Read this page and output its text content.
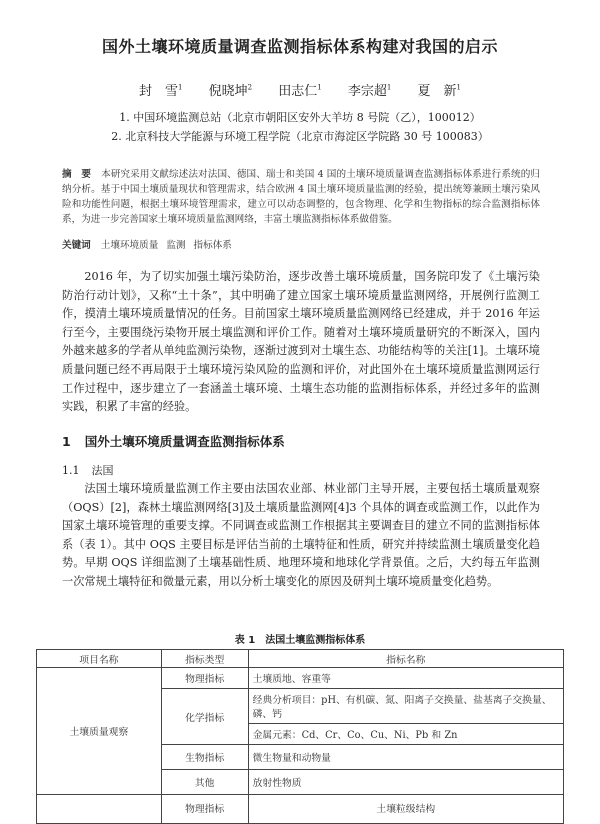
国外土壤环境质量调查监测指标体系构建对我国的启示
封　雪$^1$ 倪晓坤$^2$ 田志仁$^1$ 李宗超$^1$ 夏　新$^1$
1. 中国环境监测总站（北京市朝阳区安外大羊坊 8 号院（乙），100012）
2. 北京科技大学能源与环境工程学院（北京市海淀区学院路 30 号 100083）
摘　要 本研究采用文献综述法对法国、德国、瑞士和美国 4 国的土壤环境质量调查监测指标体系进行系统的归纳分析。基于中国土壤质量现状和管理需求，结合欧洲 4 国土壤环境质量监测的经验，提出统筹兼顾土壤污染风险和功能性问题，根据土壤环境管理需求，建立可以动态调整的，包含物理、化学和生物指标的综合监测指标体系，为进一步完善国家土壤环境质量监测网络，丰富土壤监测指标体系做借鉴。
关键词 土壤环境质量 监测 指标体系

2016 年，为了切实加强土壤污染防治，逐步改善土壤环境质量，国务院印发了《土壤污染防治行动计划》，又称“土十条”，其中明确了建立国家土壤环境质量监测网络，开展例行监测工作，摸清土壤环境质量情况的任务。目前国家土壤环境质量监测网络已经建成，并于 2016 年运行至今，主要围绕污染物开展土壤监测和评价工作。随着对土壤环境质量研究的不断深入，国内外越来越多的学者从单纯监测污染物，逐渐过渡到对土壤生态、功能结构等的关注[1]。土壤环境质量问题已经不再局限于土壤环境污染风险的监测和评价，对此国外在土壤环境质量监测网运行工作过程中，逐步建立了一套涵盖土壤环境、土壤生态功能的监测指标体系，并经过多年的监测实践，积累了丰富的经验。

1 国外土壤环境质量调查监测指标体系
1.1 法国

法国土壤环境质量监测工作主要由法国农业部、林业部门主导开展，主要包括土壤质量观察（OQS）[2]，森林土壤监测网络[3]及土壤质量监测网[4]3 个具体的调查或监测工作，以此作为国家土壤环境管理的重要支撑。不同调查或监测工作根据其主要调查目的建立不同的监测指标体系（表 1）。其中 OQS 主要目标是评估当前的土壤特征和性质，研究并持续监测土壤质量变化趋势。早期 OQS 详细监测了土壤基础性质、地理环境和地球化学背景值。之后，大约每五年监测一次常规土壤特征和微量元素，用以分析土壤变化的原因及研判土壤环境质量变化趋势。

表 1 法国土壤监测指标体系
项目名称	指标类型	指标名称
土壤质量观察	物理指标	土壤质地、容重等
	化学指标	经典分析项目：pH、有机碳、氮、阳离子交换量、盐基离子交换量、磷、钙
		金属元素：Cd、Cr、Co、Cu、Ni、Pb 和 Zn
	生物指标	微生物量和动物量
	其他	放射性物质
	物理指标	土壤粒级结构
